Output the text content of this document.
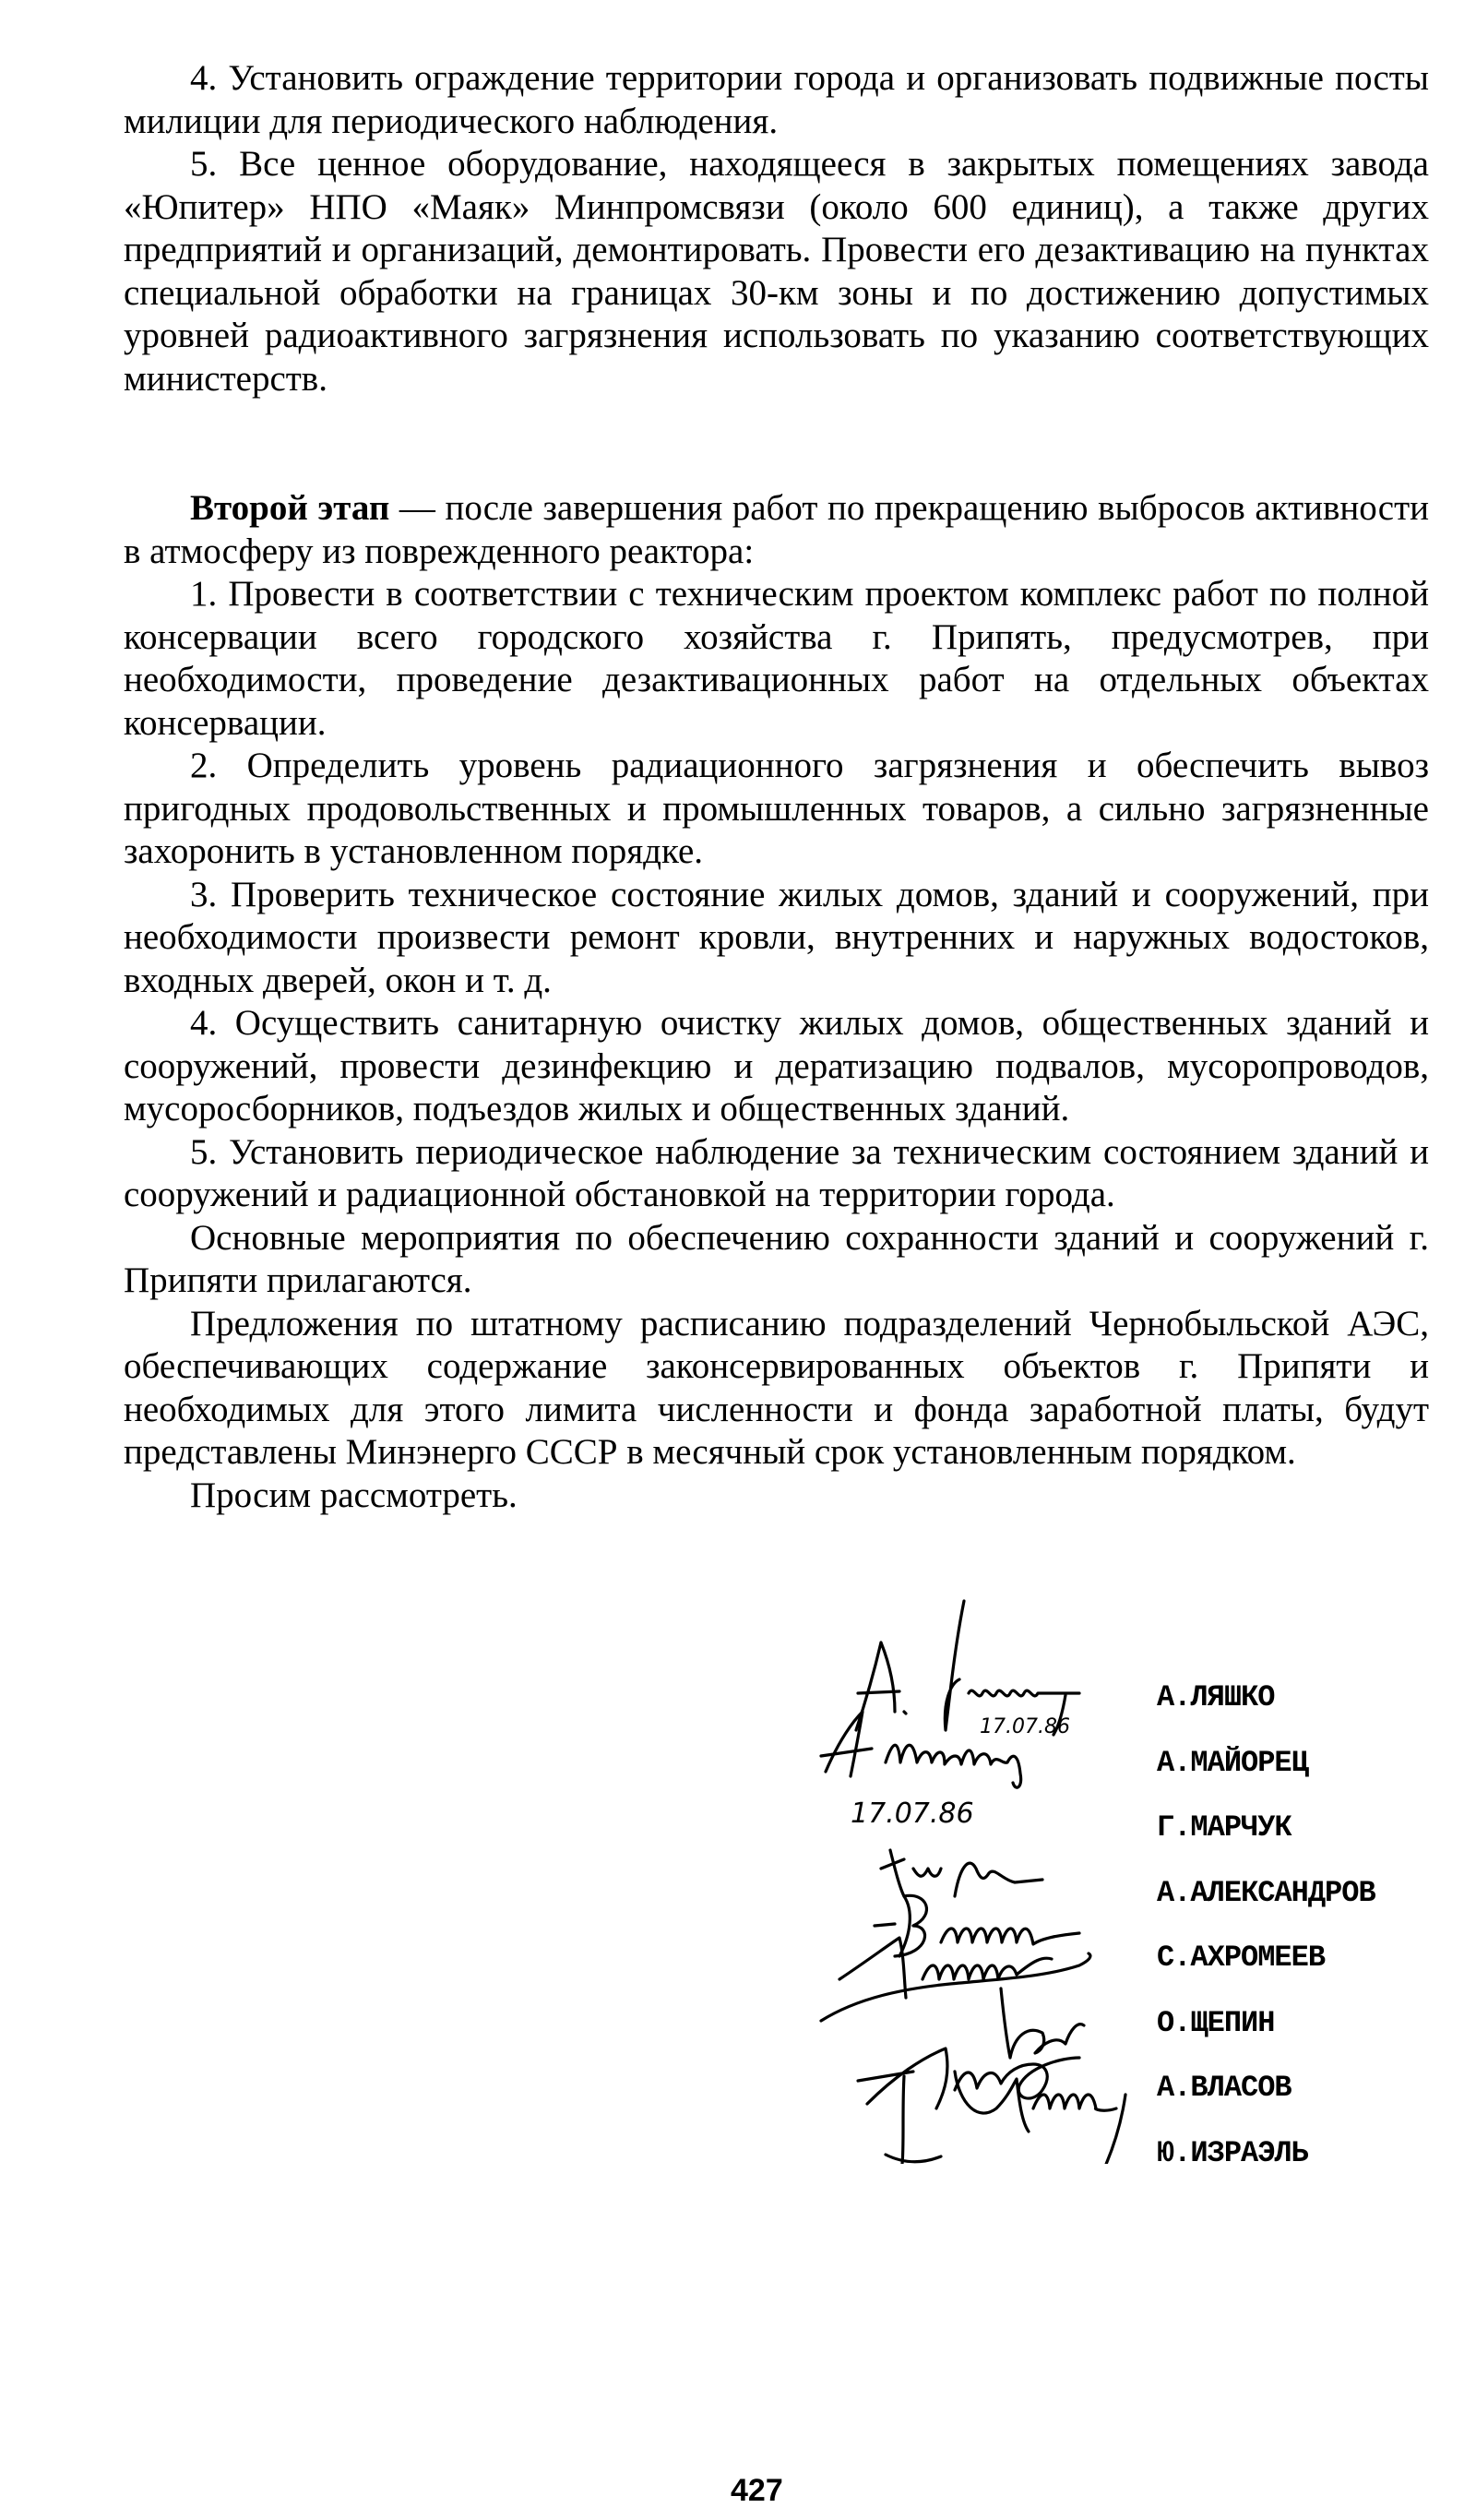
4. Установить ограждение территории города и организовать подвижные посты милиции для периодического наблюдения.

5. Все ценное оборудование, находящееся в закрытых помещениях завода «Юпитер» НПО «Маяк» Минпромсвязи (около 600 единиц), а также других предприятий и организаций, демонтировать. Провести его дезактивацию на пунктах специальной обработки на границах 30-км зоны и по достижению допустимых уровней радиоактивного загрязнения использовать по указанию соответствующих министерств.

Второй этап — после завершения работ по прекращению выбросов активности в атмосферу из поврежденного реактора:

1. Провести в соответствии с техническим проектом комплекс работ по полной консервации всего городского хозяйства г. Припять, предусмотрев, при необходимости, проведение дезактивационных работ на отдельных объектах консервации.

2. Определить уровень радиационного загрязнения и обеспечить вывоз пригодных продовольственных и промышленных товаров, а сильно загрязненные захоронить в установленном порядке.

3. Проверить техническое состояние жилых домов, зданий и сооружений, при необходимости произвести ремонт кровли, внутренних и наружных водостоков, входных дверей, окон и т. д.

4. Осуществить санитарную очистку жилых домов, общественных зданий и сооружений, провести дезинфекцию и дератизацию подвалов, мусоропроводов, мусоросборников, подъездов жилых и общественных зданий.

5. Установить периодическое наблюдение за техническим состоянием зданий и сооружений и радиационной обстановкой на территории города.

Основные мероприятия по обеспечению сохранности зданий и сооружений г. Припяти прилагаются.

Предложения по штатному расписанию подразделений Чернобыльской АЭС, обеспечивающих содержание законсервированных объектов г. Припяти и необходимых для этого лимита численности и фонда заработной платы, будут представлены Минэнерго СССР в месячный срок установленным порядком.

Просим рассмотреть.

17.07.86
17.07.86
А.ЛЯШКО
А.МАЙОРЕЦ
Г.МАРЧУК
А.АЛЕКСАНДРОВ
С.АХРОМЕЕВ
О.ЩЕПИН
А.ВЛАСОВ
Ю.ИЗРАЭЛЬ
427
